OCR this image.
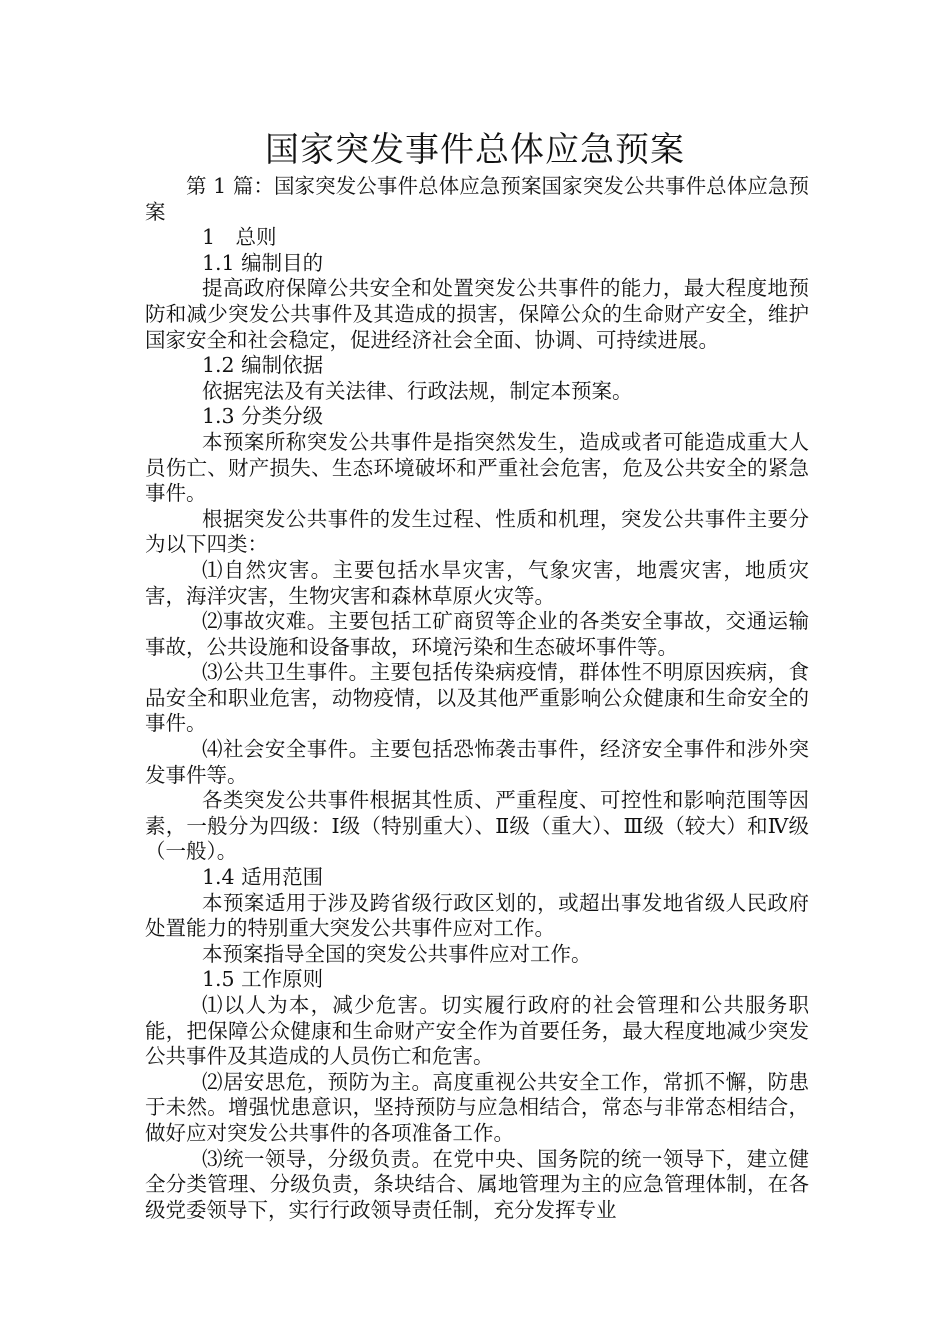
国家突发事件总体应急预案

第 1 篇：国家突发公事件总体应急预案国家突发公共事件总体应急预案

1　总则

1.1 编制目的

提高政府保障公共安全和处置突发公共事件的能力，最大程度地预防和减少突发公共事件及其造成的损害，保障公众的生命财产安全，维护国家安全和社会稳定，促进经济社会全面、协调、可持续进展。

1.2 编制依据

依据宪法及有关法律、行政法规，制定本预案。

1.3 分类分级

本预案所称突发公共事件是指突然发生，造成或者可能造成重大人员伤亡、财产损失、生态环境破坏和严重社会危害，危及公共安全的紧急事件。

根据突发公共事件的发生过程、性质和机理，突发公共事件主要分为以下四类：

⑴自然灾害。主要包括水旱灾害，气象灾害，地震灾害，地质灾害，海洋灾害，生物灾害和森林草原火灾等。

⑵事故灾难。主要包括工矿商贸等企业的各类安全事故，交通运输事故，公共设施和设备事故，环境污染和生态破坏事件等。

⑶公共卫生事件。主要包括传染病疫情，群体性不明原因疾病，食品安全和职业危害，动物疫情，以及其他严重影响公众健康和生命安全的事件。

⑷社会安全事件。主要包括恐怖袭击事件，经济安全事件和涉外突发事件等。

各类突发公共事件根据其性质、严重程度、可控性和影响范围等因素，一般分为四级：Ⅰ级（特别重大）、Ⅱ级（重大）、Ⅲ级（较大）和Ⅳ级（一般）。

1.4 适用范围

本预案适用于涉及跨省级行政区划的，或超出事发地省级人民政府处置能力的特别重大突发公共事件应对工作。

本预案指导全国的突发公共事件应对工作。

1.5 工作原则

⑴以人为本，减少危害。切实履行政府的社会管理和公共服务职能，把保障公众健康和生命财产安全作为首要任务，最大程度地减少突发公共事件及其造成的人员伤亡和危害。

⑵居安思危，预防为主。高度重视公共安全工作，常抓不懈，防患于未然。增强忧患意识，坚持预防与应急相结合，常态与非常态相结合，做好应对突发公共事件的各项准备工作。

⑶统一领导，分级负责。在党中央、国务院的统一领导下，建立健全分类管理、分级负责，条块结合、属地管理为主的应急管理体制，在各级党委领导下，实行行政领导责任制，充分发挥专业
